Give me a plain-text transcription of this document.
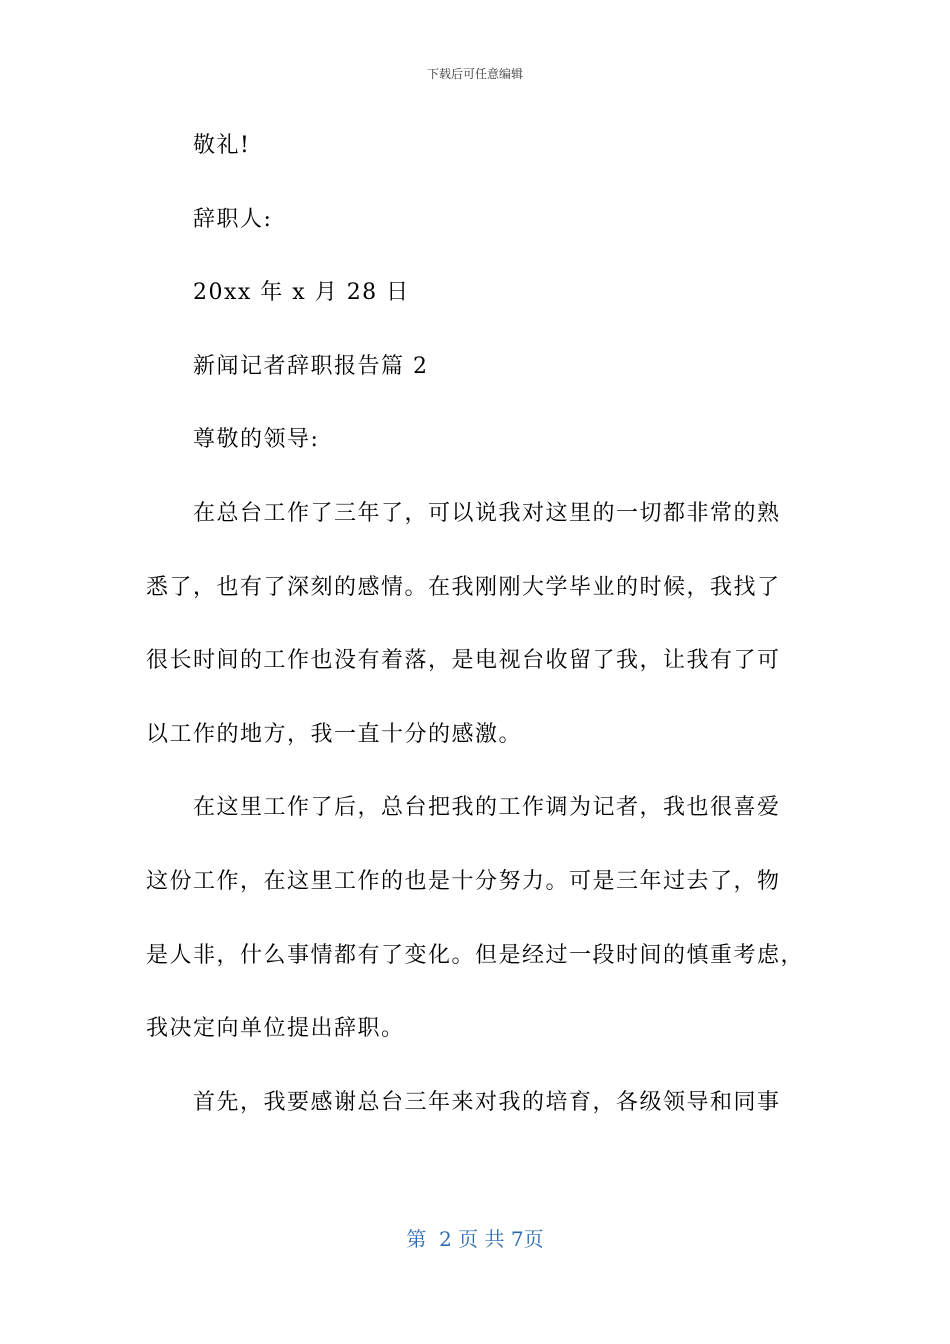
下载后可任意编辑
敬礼!
辞职人:
20xx 年 x 月 28 日
新闻记者辞职报告篇 2
尊敬的领导:
在总台工作了三年了，可以说我对这里的一切都非常的熟
悉了，也有了深刻的感情。在我刚刚大学毕业的时候，我找了
很长时间的工作也没有着落，是电视台收留了我，让我有了可
以工作的地方，我一直十分的感激。
在这里工作了后，总台把我的工作调为记者，我也很喜爱
这份工作，在这里工作的也是十分努力。可是三年过去了，物
是人非，什么事情都有了变化。但是经过一段时间的慎重考虑，
我决定向单位提出辞职。
首先，我要感谢总台三年来对我的培育，各级领导和同事
第  2 页 共 7页
